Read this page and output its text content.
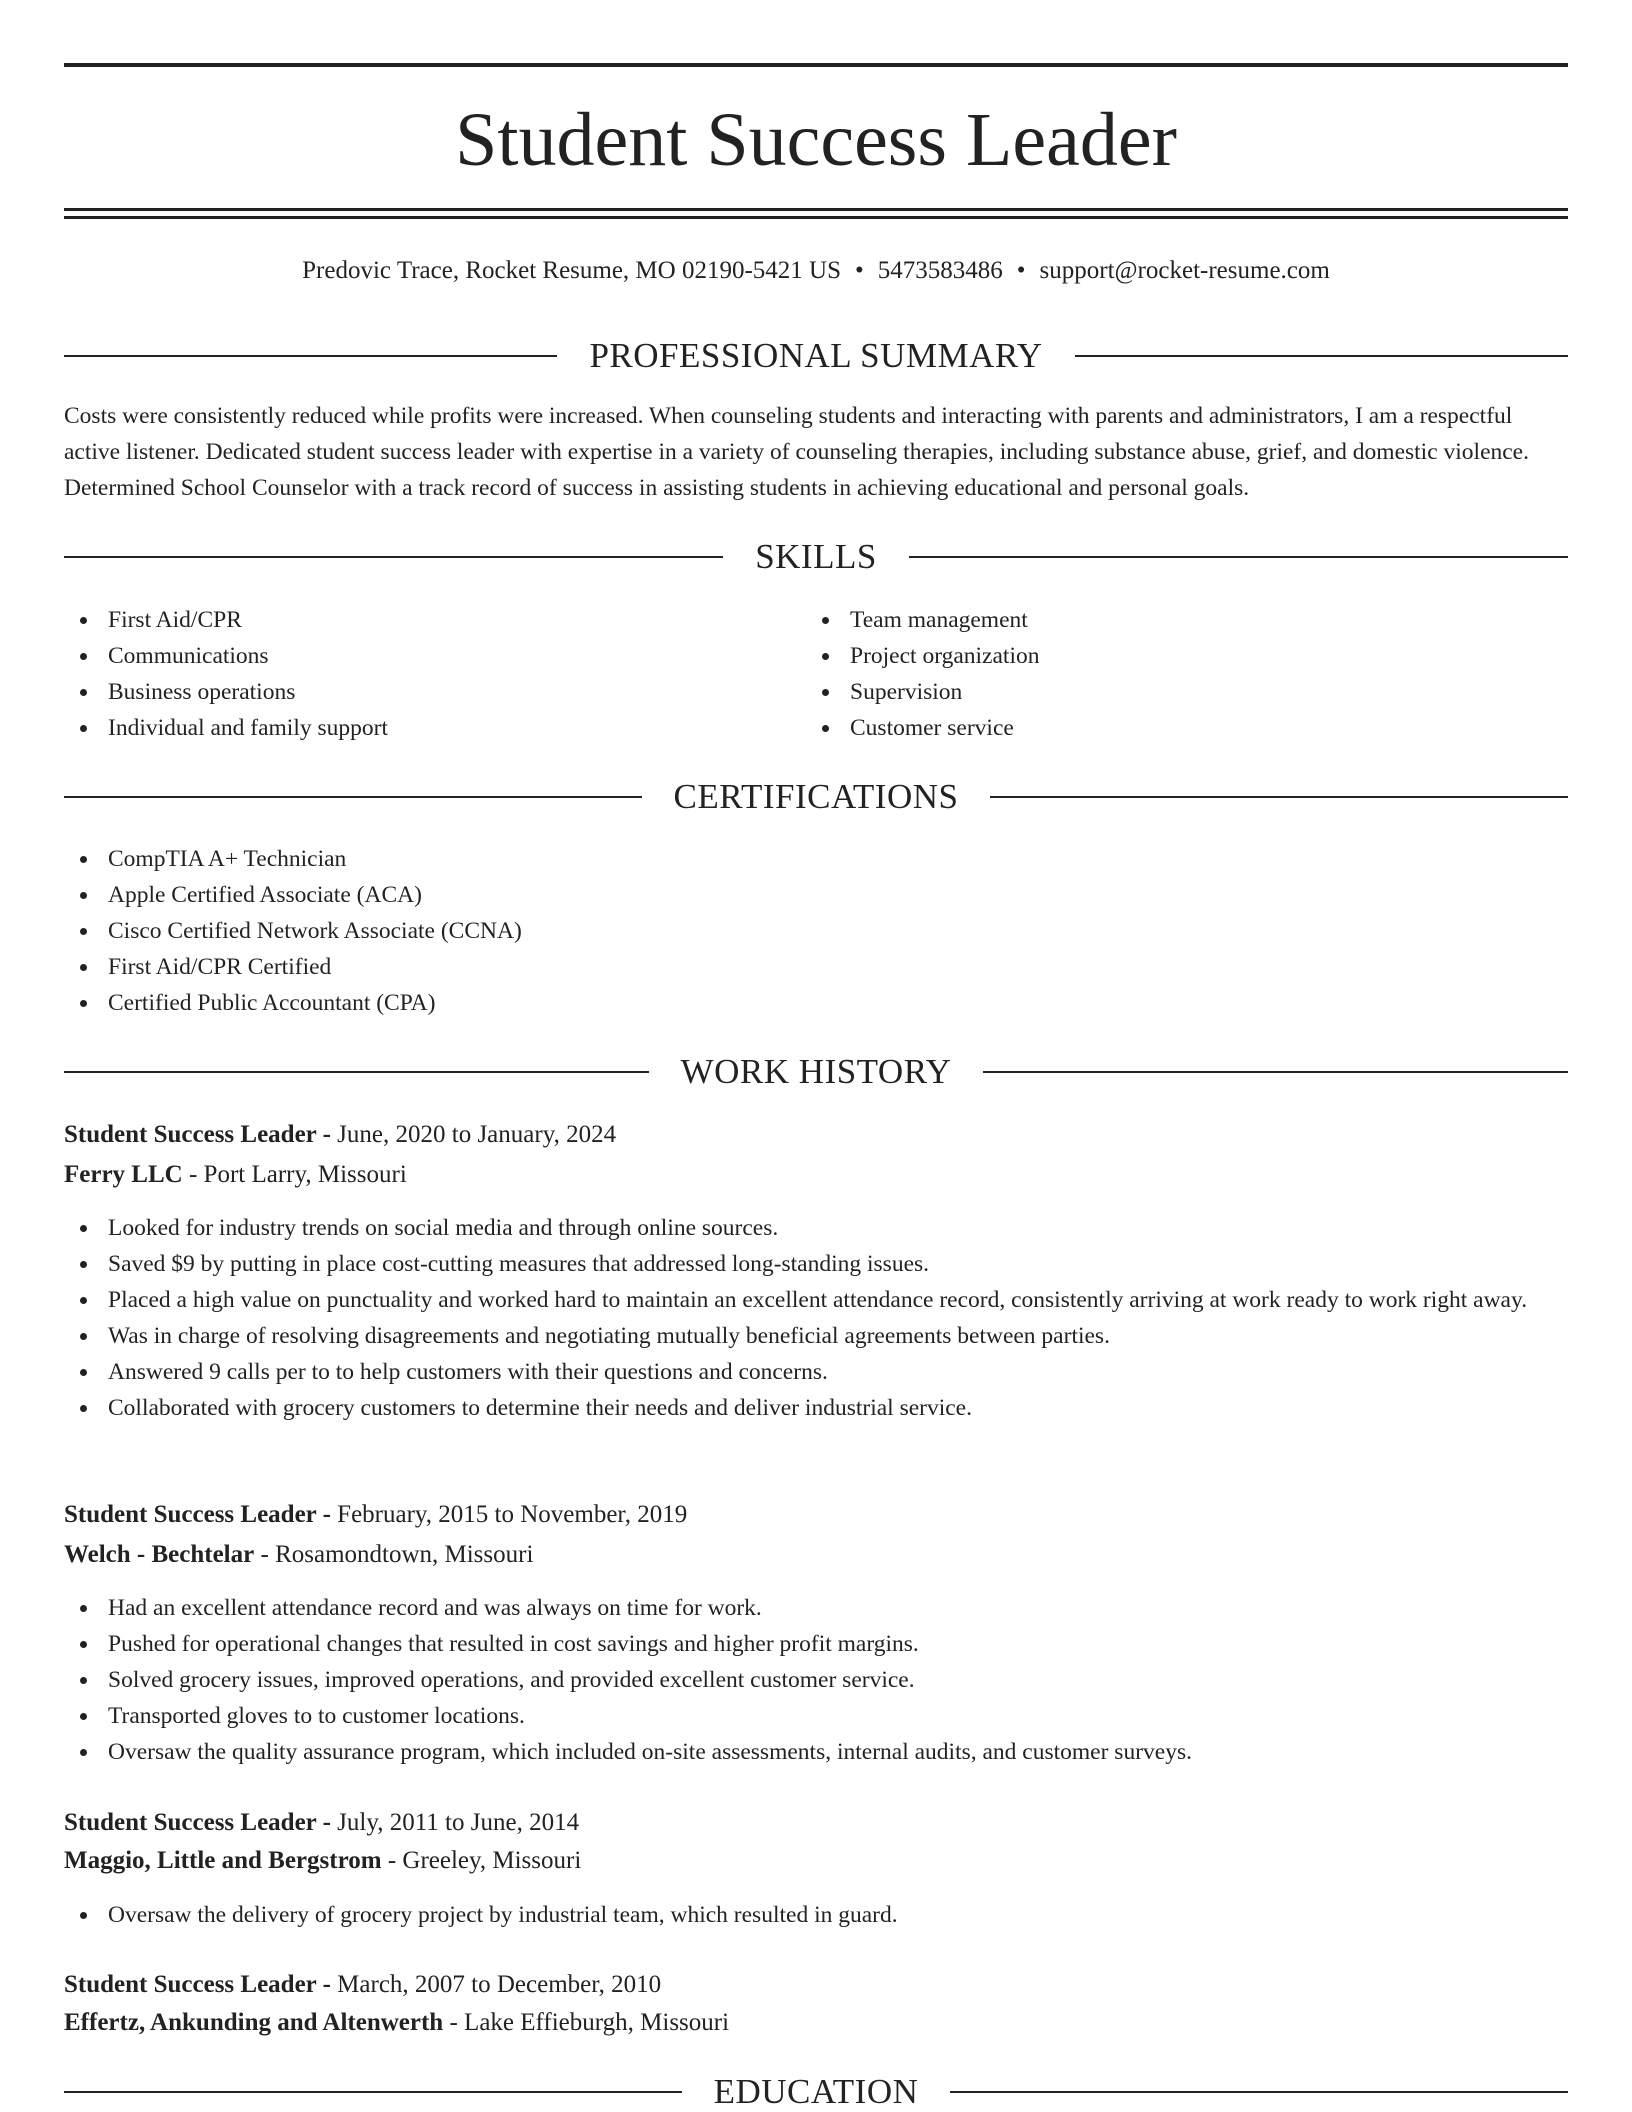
Student Success Leader
Predovic Trace, Rocket Resume, MO 02190-5421 US • 5473583486 • support@rocket-resume.com
PROFESSIONAL SUMMARY
Costs were consistently reduced while profits were increased. When counseling students and interacting with parents and administrators, I am a respectful active listener. Dedicated student success leader with expertise in a variety of counseling therapies, including substance abuse, grief, and domestic violence. Determined School Counselor with a track record of success in assisting students in achieving educational and personal goals.
SKILLS
First Aid/CPR
Communications
Business operations
Individual and family support
Team management
Project organization
Supervision
Customer service
CERTIFICATIONS
CompTIA A+ Technician
Apple Certified Associate (ACA)
Cisco Certified Network Associate (CCNA)
First Aid/CPR Certified
Certified Public Accountant (CPA)
WORK HISTORY
Student Success Leader - June, 2020 to January, 2024
Ferry LLC - Port Larry, Missouri
Looked for industry trends on social media and through online sources.
Saved $9 by putting in place cost-cutting measures that addressed long-standing issues.
Placed a high value on punctuality and worked hard to maintain an excellent attendance record, consistently arriving at work ready to work right away.
Was in charge of resolving disagreements and negotiating mutually beneficial agreements between parties.
Answered 9 calls per to to help customers with their questions and concerns.
Collaborated with grocery customers to determine their needs and deliver industrial service.
Student Success Leader - February, 2015 to November, 2019
Welch - Bechtelar - Rosamondtown, Missouri
Had an excellent attendance record and was always on time for work.
Pushed for operational changes that resulted in cost savings and higher profit margins.
Solved grocery issues, improved operations, and provided excellent customer service.
Transported gloves to to customer locations.
Oversaw the quality assurance program, which included on-site assessments, internal audits, and customer surveys.
Student Success Leader - July, 2011 to June, 2014
Maggio, Little and Bergstrom - Greeley, Missouri
Oversaw the delivery of grocery project by industrial team, which resulted in guard.
Student Success Leader - March, 2007 to December, 2010
Effertz, Ankunding and Altenwerth - Lake Effieburgh, Missouri
EDUCATION
